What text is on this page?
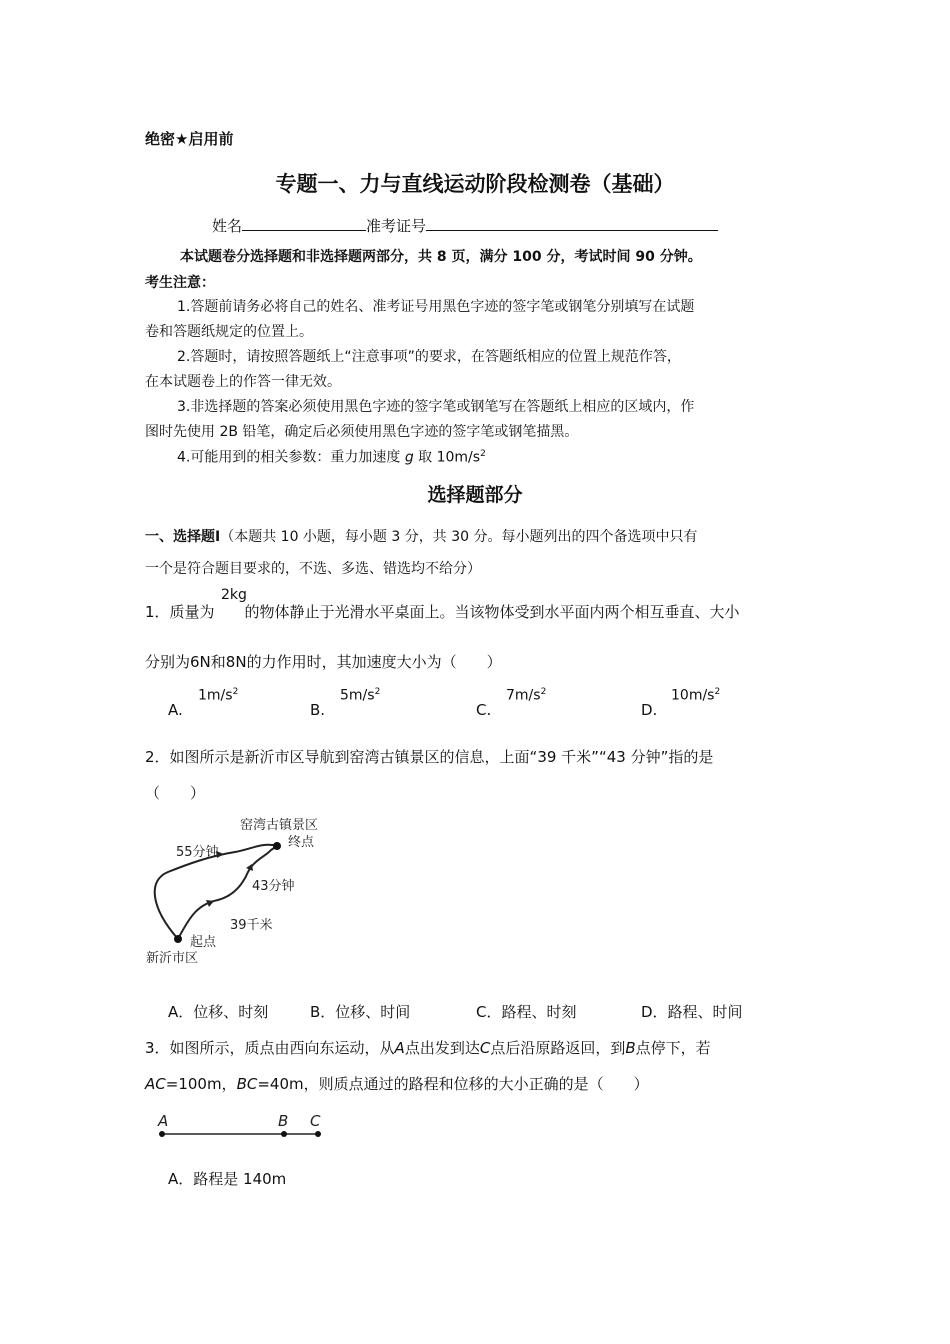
绝密★启用前
专题一、力与直线运动阶段检测卷（基础）
姓名	准考证号
本试题卷分选择题和非选择题两部分，共 8 页，满分 100 分，考试时间 90 分钟。
考生注意：
1.答题前请务必将自己的姓名、准考证号用黑色字迹的签字笔或钢笔分别填写在试题
卷和答题纸规定的位置上。
2.答题时，请按照答题纸上“注意事项”的要求，在答题纸相应的位置上规范作答，
在本试题卷上的作答一律无效。
3.非选择题的答案必须使用黑色字迹的签字笔或钢笔写在答题纸上相应的区域内，作
图时先使用 2B 铅笔，确定后必须使用黑色字迹的签字笔或钢笔描黑。
4.可能用到的相关参数：重力加速度 g 取 $10m/s^2$
选择题部分
一、选择题Ⅰ（本题共 10 小题，每小题 3 分，共 30 分。每小题列出的四个备选项中只有
一个是符合题目要求的，不选、多选、错选均不给分）
2kg
1．质量为 的物体静止于光滑水平桌面上。当该物体受到水平面内两个相互垂直、大小
分别为6N和8N的力作用时，其加速度大小为（　　）
A.
$1m/s^2$
B.
$5m/s^2$
C.
$7m/s^2$
D.
$10m/s^2$
2．如图所示是新沂市区导航到窑湾古镇景区的信息，上面“39 千米”“43 分钟”指的是
（　　）
窑湾古镇景区
终点
55分钟
43分钟
39千米
起点
新沂市区
A．位移、时刻	B．位移、时间	C．路程、时刻	D．路程、时间
3．如图所示，质点由西向东运动，从A点出发到达C点后沿原路返回，到B点停下，若
AC=100m，BC=40m，则质点通过的路程和位移的大小正确的是（　　）
A	B C
A．路程是 140m
